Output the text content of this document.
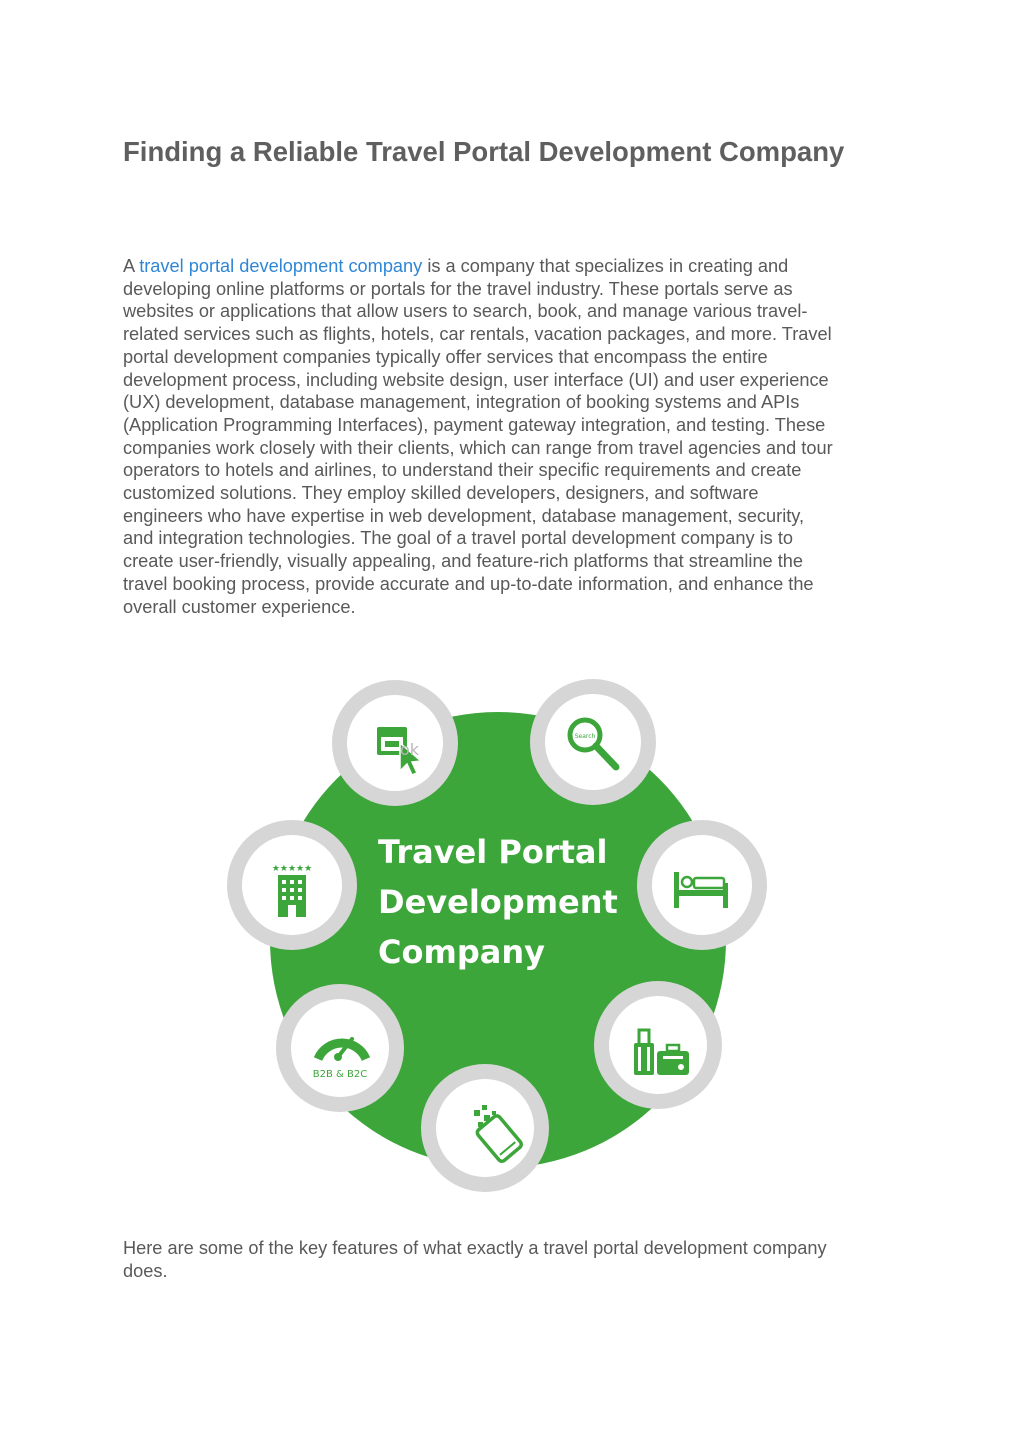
Finding a Reliable Travel Portal Development Company

A travel portal development company is a company that specializes in creating and
developing online platforms or portals for the travel industry. These portals serve as
websites or applications that allow users to search, book, and manage various travel-
related services such as flights, hotels, car rentals, vacation packages, and more. Travel
portal development companies typically offer services that encompass the entire
development process, including website design, user interface (UI) and user experience
(UX) development, database management, integration of booking systems and APIs
(Application Programming Interfaces), payment gateway integration, and testing. These
companies work closely with their clients, which can range from travel agencies and tour
operators to hotels and airlines, to understand their specific requirements and create
customized solutions. They employ skilled developers, designers, and software
engineers who have expertise in web development, database management, security,
and integration technologies. The goal of a travel portal development company is to
create user-friendly, visually appealing, and feature-rich platforms that streamline the
travel booking process, provide accurate and up-to-date information, and enhance the
overall customer experience.

Travel Portal
Development
Company
ok
Search
★★★★★
B2B & B2C

Here are some of the key features of what exactly a travel portal development company
does.
